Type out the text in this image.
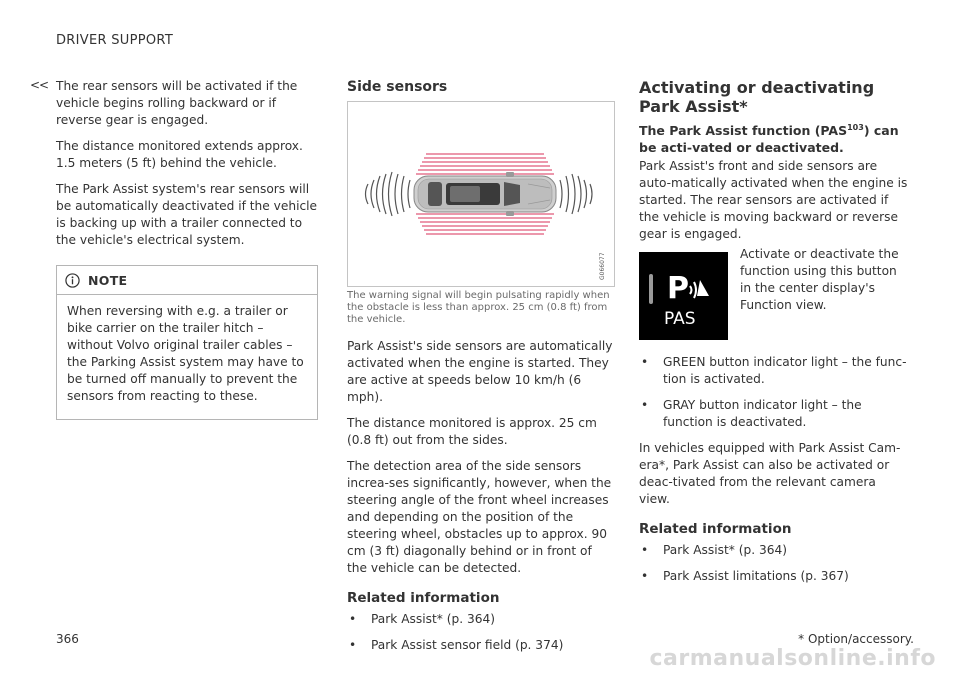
DRIVER SUPPORT
<< The rear sensors will be activated if the vehicle begins rolling backward or if reverse gear is engaged.

The distance monitored extends approx. 1.5 meters (5 ft) behind the vehicle.

The Park Assist system's rear sensors will be automatically deactivated if the vehicle is backing up with a trailer connected to the vehicle's electrical system.

NOTE
When reversing with e.g. a trailer or bike carrier on the trailer hitch – without Volvo original trailer cables – the Parking Assist system may have to be turned off manually to prevent the sensors from reacting to these.
Side sensors
G066077
The warning signal will begin pulsating rapidly when the obstacle is less than approx. 25 cm (0.8 ft) from the vehicle.

Park Assist's side sensors are automatically activated when the engine is started. They are active at speeds below 10 km/h (6 mph).

The distance monitored is approx. 25 cm (0.8 ft) out from the sides.

The detection area of the side sensors increa-ses significantly, however, when the steering angle of the front wheel increases and depending on the position of the steering wheel, obstacles up to approx. 90 cm (3 ft) diagonally behind or in front of the vehicle can be detected.

Related information
• Park Assist* (p. 364)
• Park Assist sensor field (p. 374)
Activating or deactivating Park Assist*

The Park Assist function (PAS$^{103}$) can be acti-vated or deactivated.

Park Assist's front and side sensors are auto-matically activated when the engine is started. The rear sensors are activated if the vehicle is moving backward or reverse gear is engaged.

P
PAS

Activate or deactivate the function using this button in the center display's Function view.

• GREEN button indicator light – the func-tion is activated.
• GRAY button indicator light – the function is deactivated.

In vehicles equipped with Park Assist Cam-era*, Park Assist can also be activated or deac-tivated from the relevant camera view.

Related information
• Park Assist* (p. 364)
• Park Assist limitations (p. 367)
366	* Option/accessory.
carmanualsonline.info
